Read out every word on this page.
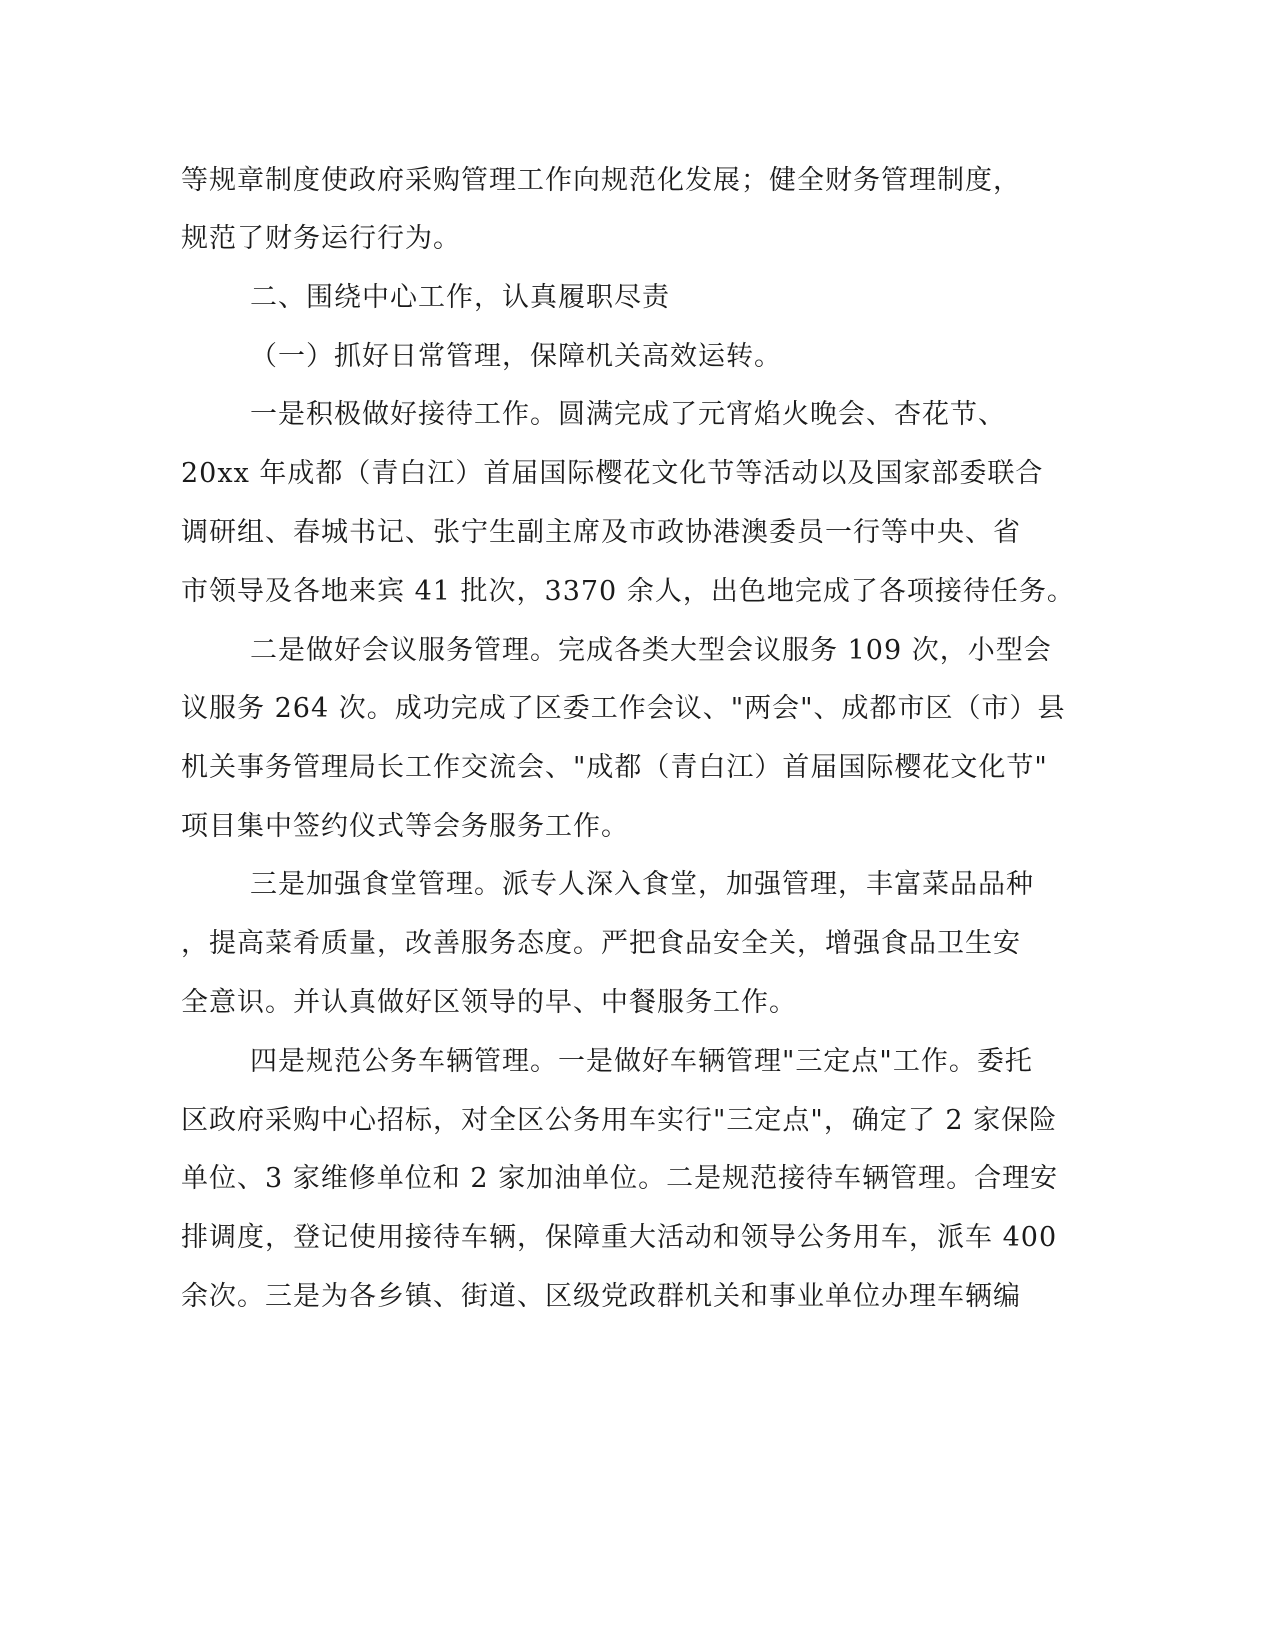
等规章制度使政府采购管理工作向规范化发展；健全财务管理制度，
规范了财务运行行为。
二、围绕中心工作，认真履职尽责
（一）抓好日常管理，保障机关高效运转。
一是积极做好接待工作。圆满完成了元宵焰火晚会、杏花节、
20xx 年成都（青白江）首届国际樱花文化节等活动以及国家部委联合
调研组、春城书记、张宁生副主席及市政协港澳委员一行等中央、省
市领导及各地来宾 41 批次，3370 余人，出色地完成了各项接待任务。
二是做好会议服务管理。完成各类大型会议服务 109 次，小型会
议服务 264 次。成功完成了区委工作会议、"两会"、成都市区（市）县
机关事务管理局长工作交流会、"成都（青白江）首届国际樱花文化节"
项目集中签约仪式等会务服务工作。
三是加强食堂管理。派专人深入食堂，加强管理，丰富菜品品种
，提高菜肴质量，改善服务态度。严把食品安全关，增强食品卫生安
全意识。并认真做好区领导的早、中餐服务工作。
四是规范公务车辆管理。一是做好车辆管理"三定点"工作。委托
区政府采购中心招标，对全区公务用车实行"三定点"，确定了 2 家保险
单位、3 家维修单位和 2 家加油单位。二是规范接待车辆管理。合理安
排调度，登记使用接待车辆，保障重大活动和领导公务用车，派车 400
余次。三是为各乡镇、街道、区级党政群机关和事业单位办理车辆编
